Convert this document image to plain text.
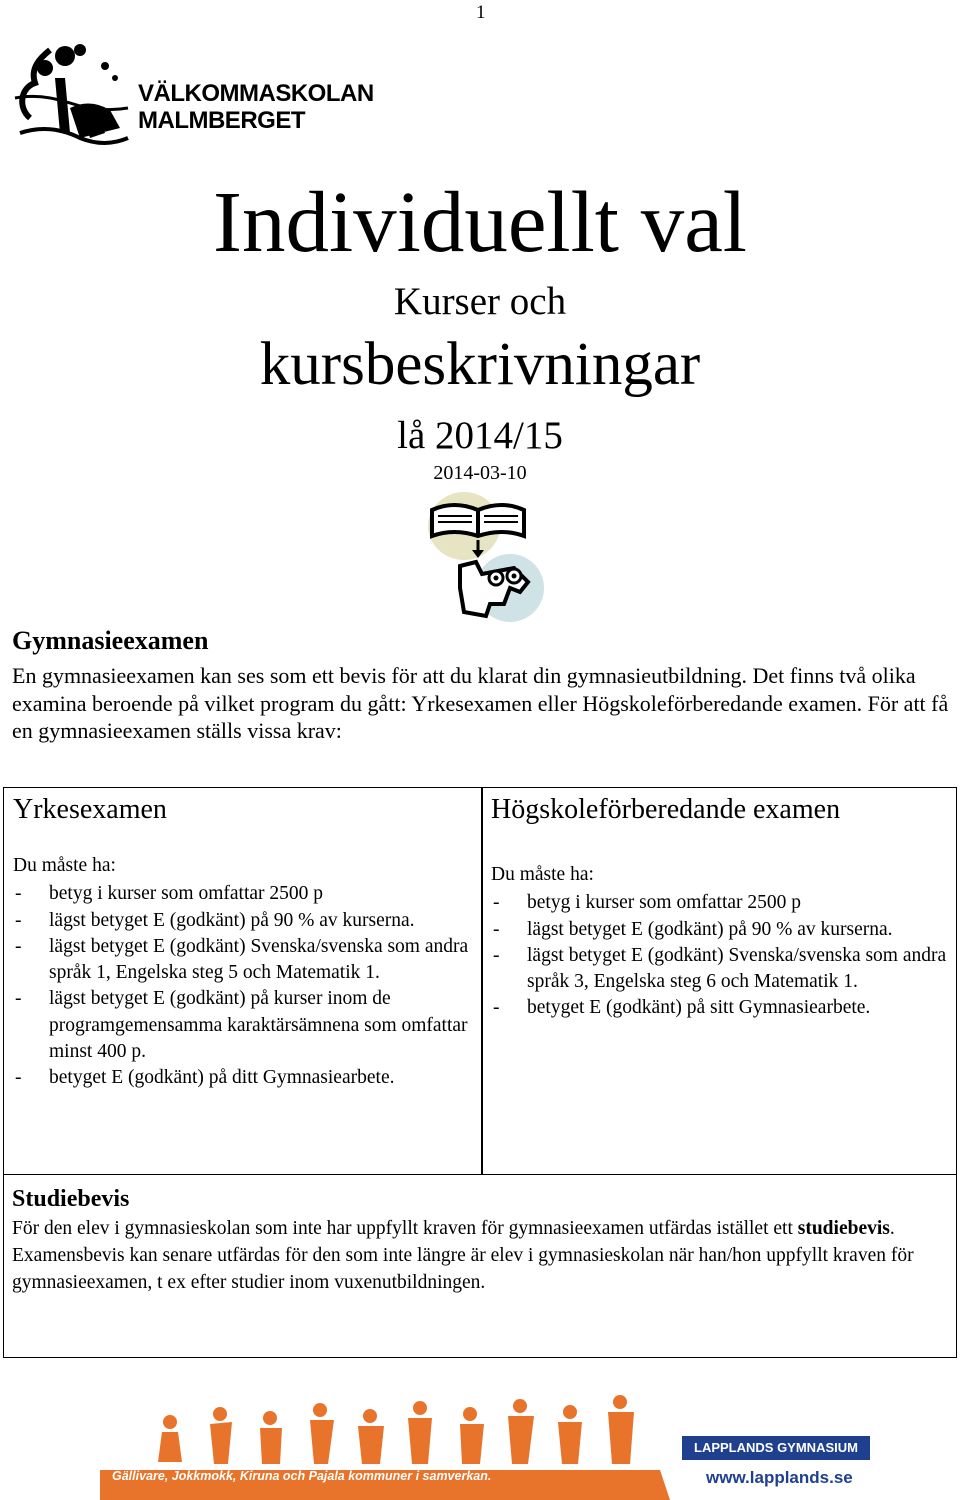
1
VÄLKOMMASKOLAN
MALMBERGET
Individuellt val
Kurser och
kursbeskrivningar
lå 2014/15
2014-03-10
Gymnasieexamen
En gymnasieexamen kan ses som ett bevis för att du klarat din gymnasieutbildning. Det finns två olika examina beroende på vilket program du gått: Yrkesexamen eller Högskoleförberedande examen. För att få en gymnasieexamen ställs vissa krav:
Yrkesexamen
Du måste ha:
- betyg i kurser som omfattar 2500 p
- lägst betyget E (godkänt) på 90 % av kurserna.
- lägst betyget E (godkänt) Svenska/svenska som andra språk 1, Engelska steg 5 och Matematik 1.
- lägst betyget E (godkänt) på kurser inom de programgemensamma karaktärsämnena som omfattar minst 400 p.
- betyget E (godkänt) på ditt Gymnasiearbete.
Högskoleförberedande examen
Du måste ha:
- betyg i kurser som omfattar 2500 p
- lägst betyget E (godkänt) på 90 % av kurserna.
- lägst betyget E (godkänt) Svenska/svenska som andra språk 3, Engelska steg 6 och Matematik 1.
- betyget E (godkänt) på sitt Gymnasiearbete.
Studiebevis
För den elev i gymnasieskolan som inte har uppfyllt kraven för gymnasieexamen utfärdas istället ett studiebevis. Examensbevis kan senare utfärdas för den som inte längre är elev i gymnasieskolan när han/hon uppfyllt kraven för gymnasieexamen, t ex efter studier inom vuxenutbildningen.
Gällivare, Jokkmokk, Kiruna och Pajala kommuner i samverkan.
LAPPLANDS GYMNASIUM
www.lapplands.se
